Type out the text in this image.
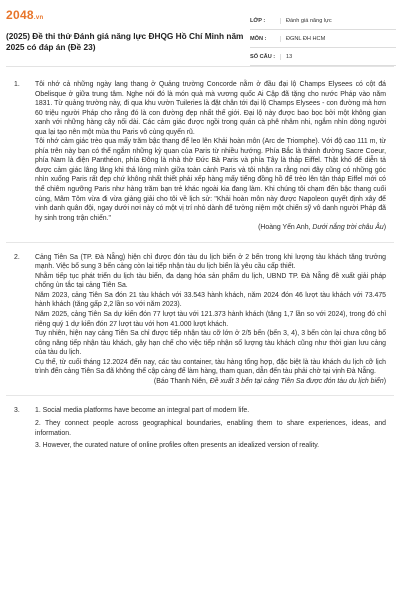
2048.vn
(2025) Đề thi thử Đánh giá năng lực ĐHQG Hồ Chí Minh năm 2025 có đáp án (Đề 23)
LỚP :	Đánh giá năng lực
MÔN :	ĐGNL ĐH HCM
SỐ CÂU :	13
1. Tôi nhớ cả những ngày lang thang ở Quảng trường Concorde nằm ở đầu đại lộ Champs Elysees có cột đá Obelisque ở giữa trung tâm. Nghe nói đó là món quà mà vương quốc Ai Cập đã tặng cho nước Pháp vào năm 1831. Từ quảng trường này, đi qua khu vườn Tuileries là đặt chân tới đại lộ Champs Elysees - con đường mà hơn 60 triệu người Pháp cho rằng đó là con đường đẹp nhất thế giới. Đại lộ này được bao bọc bởi một không gian xanh với những hàng cây nối dài. Các cảm giác được ngồi trong quán cà phê nhâm nhi, ngắm nhìn dòng người qua lại tạo nên một mùa thu Paris vô cùng quyến rũ.

Tôi nhớ cảm giác trèo qua mấy trăm bậc thang để leo lên Khải hoàn môn (Arc de Triomphe). Với độ cao 111 m, từ phía trên này bạn có thể ngắm những kỳ quan của Paris từ nhiều hướng. Phía Bắc là thánh đường Sacre Coeur, phía Nam là điện Panthéon, phía Đông là nhà thờ Đức Bà Paris và phía Tây là tháp Eiffel. Thật khó để diễn tả được cảm giác lâng lâng khi thả lỏng mình giữa toàn cảnh Paris và tôi nhận ra rằng nơi đây cũng có những góc nhìn xuống Paris rất đẹp chứ không nhất thiết phải xếp hàng mấy tiếng đồng hồ để trèo lên tận tháp Eiffel mới có thể chiêm ngưỡng Paris như hàng trăm bạn trẻ khác ngoài kia đang làm. Khi chúng tôi chạm đến bậc thang cuối cùng, Mâm Tôm vừa đi vừa giảng giải cho tôi về lịch sử: "Khải hoàn môn này được Napoleon quyết định xây để vinh danh quân đội, ngay dưới nơi này có một vị trí nhỏ dành để tưởng niệm một chiến sỹ vô danh người Pháp đã hy sinh trong trận chiến."

(Hoàng Yến Anh, Dưới nắng trời châu Âu)

2. Cảng Tiên Sa (TP. Đà Nẵng) hiện chỉ được đón tàu du lịch biển ở 2 bến trong khi lượng tàu khách tăng trưởng mạnh. Việc bổ sung 3 bến cảng còn lại tiếp nhận tàu du lịch biển là yêu cầu cấp thiết.

Nhằm tiếp tục phát triển du lịch tàu biển, đa dạng hóa sản phẩm du lịch, UBND TP. Đà Nẵng đề xuất giải pháp chống ùn tắc tại cảng Tiên Sa.

Năm 2023, cảng Tiên Sa đón 21 tàu khách với 33.543 hành khách, năm 2024 đón 46 lượt tàu khách với 73.475 hành khách (tăng gấp 2,2 lần so với năm 2023).

Năm 2025, cảng Tiên Sa dự kiến đón 77 lượt tàu với 121.373 hành khách (tăng 1,7 lần so với 2024), trong đó chỉ riêng quý 1 dự kiến đón 27 lượt tàu với hơn 41.000 lượt khách.

Tuy nhiên, hiện nay cảng Tiên Sa chỉ được tiếp nhận tàu cỡ lớn ở 2/5 bến (bến 3, 4), 3 bến còn lại chưa công bố công năng tiếp nhận tàu khách, gây hạn chế cho việc tiếp nhận số lượng tàu khách cũng như thời gian lưu cảng của tàu du lịch.

Cụ thể, từ cuối tháng 12.2024 đến nay, các tàu container, tàu hàng tổng hợp, đặc biệt là tàu khách du lịch cỡ lịch trình đến cảng Tiên Sa đã không thể cập cảng để làm hàng, tham quan, dẫn đến tàu phải chờ tại vịnh Đà Nẵng.

(Báo Thanh Niên, Đề xuất 3 bến tại cảng Tiên Sa được đón tàu du lịch biển)

3. 1. Social media platforms have become an integral part of modern life.

2. They connect people across geographical boundaries, enabling them to share experiences, ideas, and information.

3. However, the curated nature of online profiles often presents an idealized version of reality.
